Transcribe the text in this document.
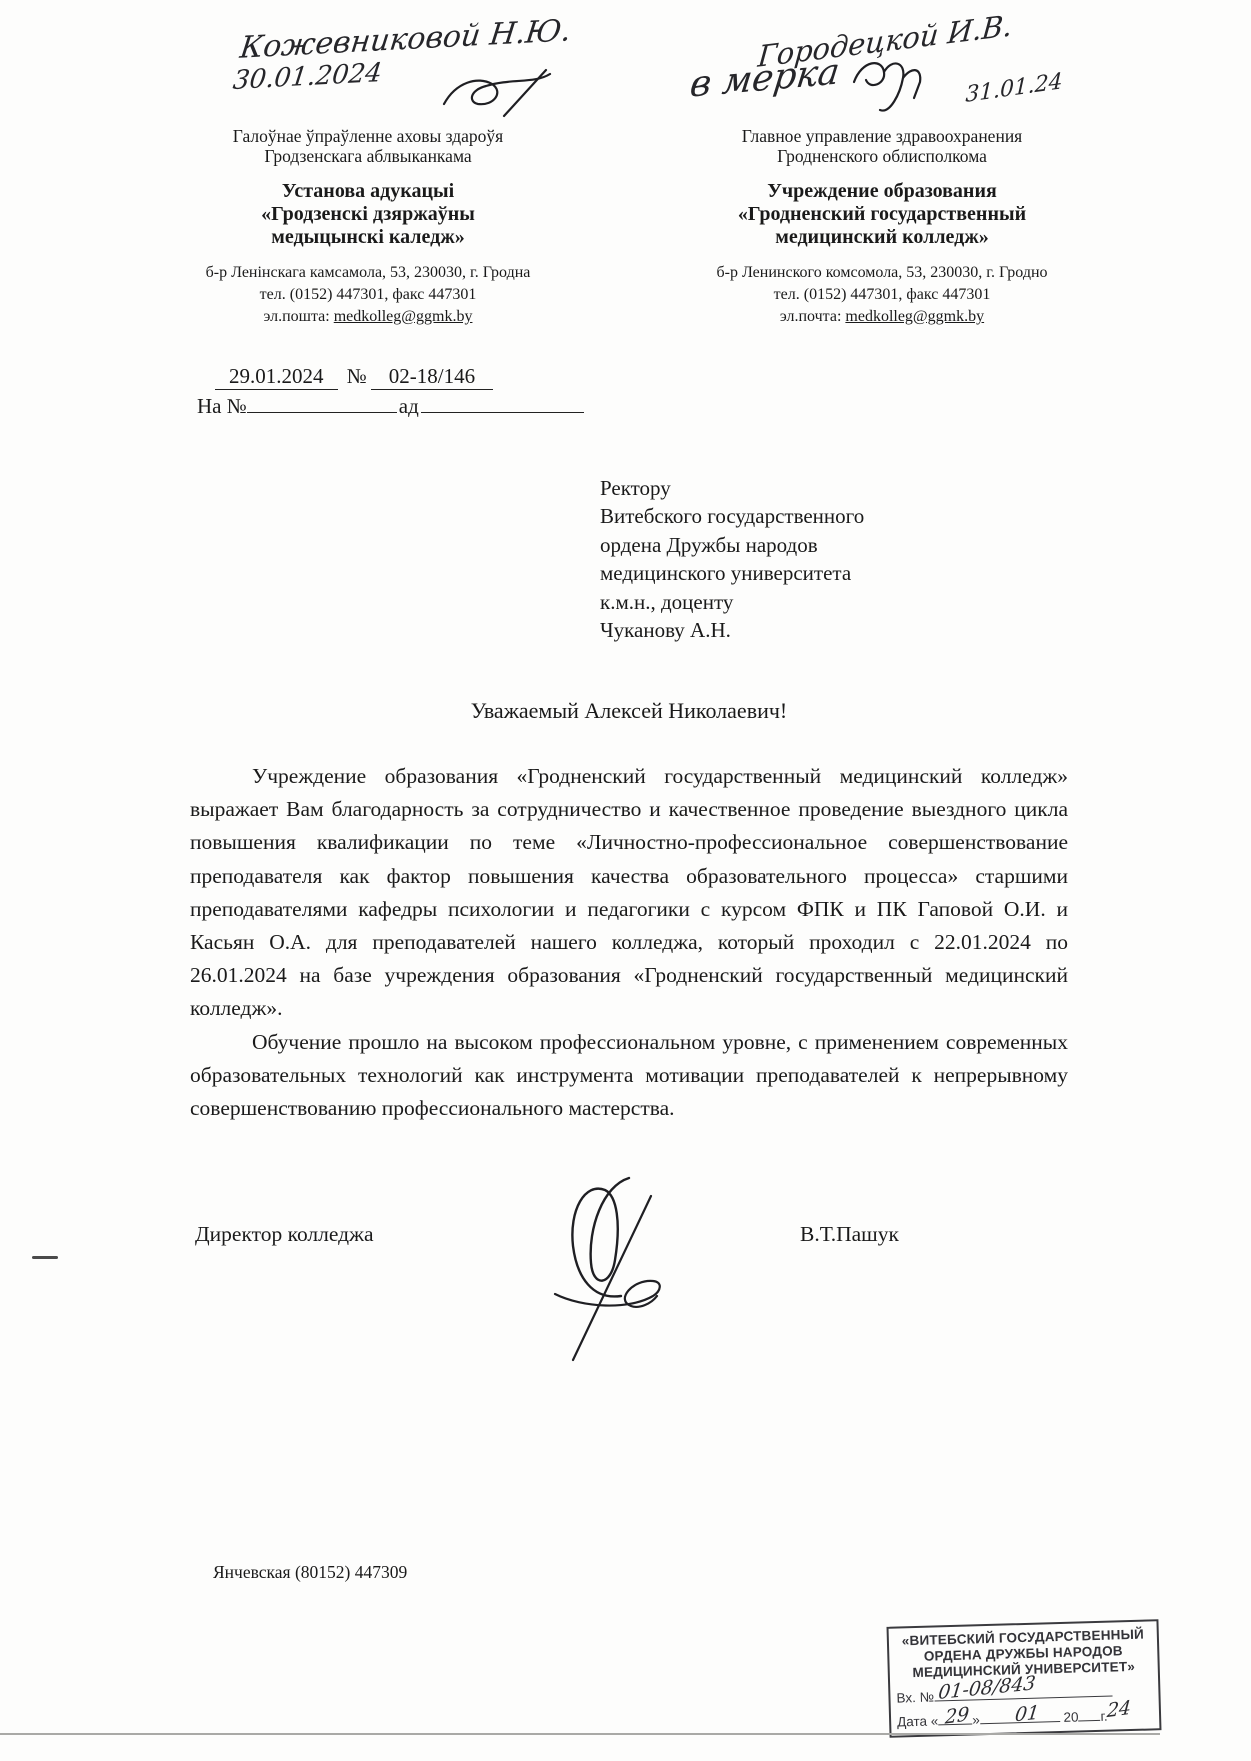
Кожевниковой Н.Ю.
30.01.2024
Городецкой И.В.
в мерка	31.01.24
Галоўнае ўпраўленне аховы здароўя
Гродзенскага аблвыканкама
Установа адукацыі
«Гродзенскі дзяржаўны
медыцынскі каледж»
б-р Ленінскага камсамола, 53, 230030, г. Гродна
тел. (0152) 447301, факс 447301
эл.пошта: medkolleg@ggmk.by
Главное управление здравоохранения
Гродненского облисполкома
Учреждение образования
«Гродненский государственный
медицинский колледж»
б-р Ленинского комсомола, 53, 230030, г. Гродно
тел. (0152) 447301, факс 447301
эл.почта: medkolleg@ggmk.by
29.01.2024 № 02-18/146
На №	ад
Ректору
Витебского государственного
ордена Дружбы народов
медицинского университета
к.м.н., доценту
Чуканову А.Н.
Уважаемый Алексей Николаевич!

Учреждение образования «Гродненский государственный медицинский колледж» выражает Вам благодарность за сотрудничество и качественное проведение выездного цикла повышения квалификации по теме «Личностно-профессиональное совершенствование преподавателя как фактор повышения качества образовательного процесса» старшими преподавателями кафедры психологии и педагогики с курсом ФПК и ПК Гаповой О.И. и Касьян О.А. для преподавателей нашего колледжа, который проходил с 22.01.2024 по 26.01.2024 на базе учреждения образования «Гродненский государственный медицинский колледж».

Обучение прошло на высоком профессиональном уровне, с применением современных образовательных технологий как инструмента мотивации преподавателей к непрерывному совершенствованию профессионального мастерства.

Директор колледжа	В.Т.Пашук
Янчевская (80152) 447309
«ВИТЕБСКИЙ ГОСУДАРСТВЕННЫЙ
ОРДЕНА ДРУЖБЫ НАРОДОВ
МЕДИЦИНСКИЙ УНИВЕРСИТЕТ»
Вх. № 01-08/843
Дата « »	20 г.
29 01	24
